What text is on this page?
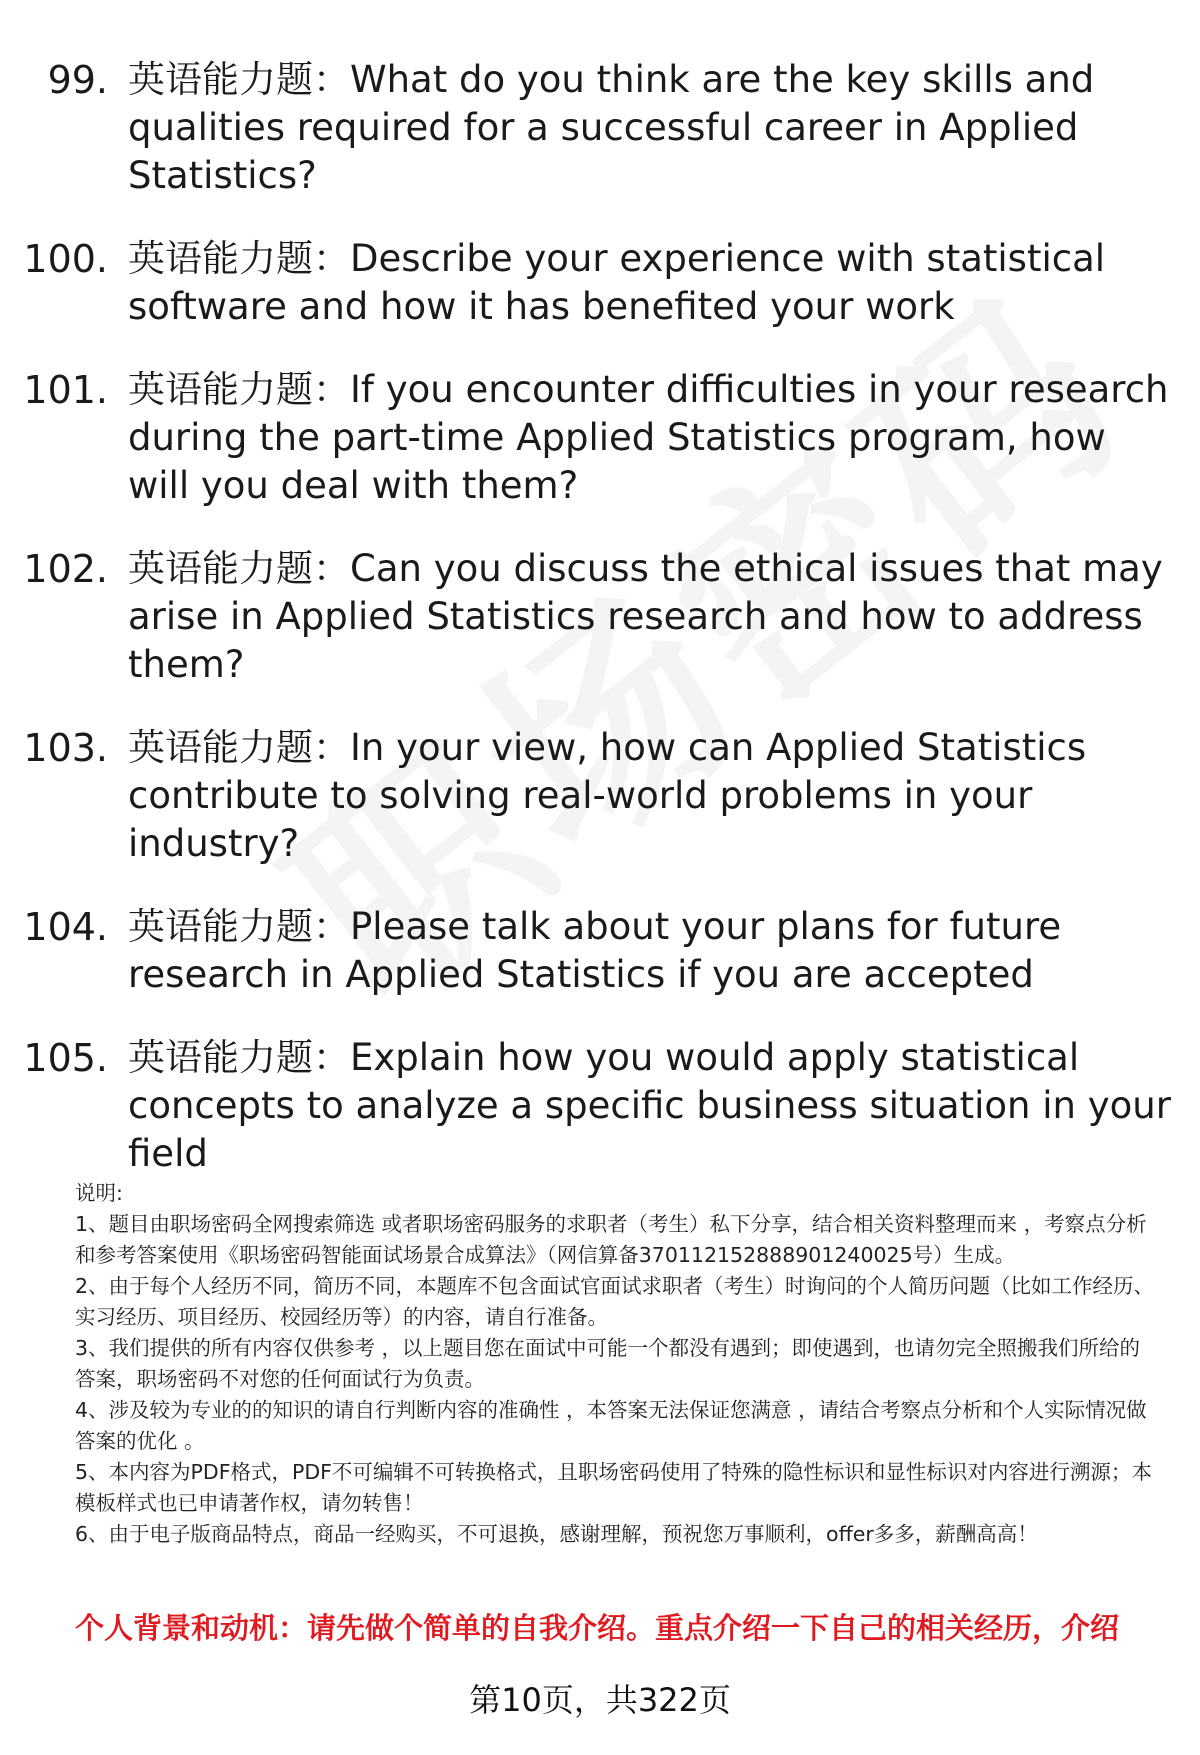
99. 英语能力题：What do you think are the key skills and qualities required for a successful career in Applied Statistics?
100. 英语能力题：Describe your experience with statistical software and how it has benefited your work
101. 英语能力题：If you encounter difficulties in your research during the part-time Applied Statistics program, how will you deal with them?
102. 英语能力题：Can you discuss the ethical issues that may arise in Applied Statistics research and how to address them?
103. 英语能力题：In your view, how can Applied Statistics contribute to solving real-world problems in your industry?
104. 英语能力题：Please talk about your plans for future research in Applied Statistics if you are accepted
105. 英语能力题：Explain how you would apply statistical concepts to analyze a specific business situation in your field

说明:

1、题目由职场密码全网搜索筛选 或者职场密码服务的求职者（考生）私下分享，结合相关资料整理而来 ，考察点分析和参考答案使用《职场密码智能面试场景合成算法》（网信算备370112152888901240025号）生成。

2、由于每个人经历不同，简历不同，本题库不包含面试官面试求职者（考生）时询问的个人简历问题（比如工作经历、实习经历、项目经历、校园经历等）的内容，请自行准备。

3、我们提供的所有内容仅供参考 ，以上题目您在面试中可能一个都没有遇到；即使遇到，也请勿完全照搬我们所给的答案，职场密码不对您的任何面试行为负责。

4、涉及较为专业的的知识的请自行判断内容的准确性 ，本答案无法保证您满意 ，请结合考察点分析和个人实际情况做答案的优化 。

5、本内容为PDF格式，PDF不可编辑不可转换格式，且职场密码使用了特殊的隐性标识和显性标识对内容进行溯源；本模板样式也已申请著作权，请勿转售！

6、由于电子版商品特点，商品一经购买，不可退换，感谢理解，预祝您万事顺利，offer多多，薪酬高高！

个人背景和动机：请先做个简单的自我介绍。重点介绍一下自己的相关经历，介绍
第10页，共322页
